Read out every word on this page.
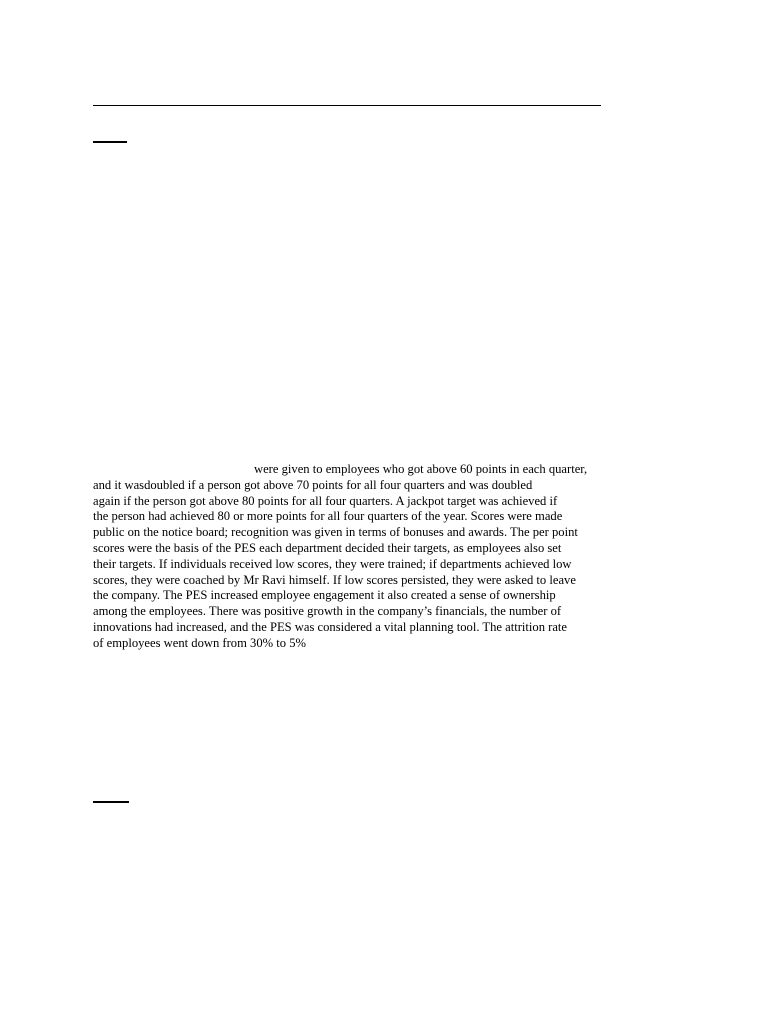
were given to employees who got above 60 points in each quarter,
and it wasdoubled if a person got above 70 points for all four quarters and was doubled
again if the person got above 80 points for all four quarters. A jackpot target was achieved if
the person had achieved 80 or more points for all four quarters of the year. Scores were made
public on the notice board; recognition was given in terms of bonuses and awards. The per point
scores were the basis of the PES each department decided their targets, as employees also set
their targets. If individuals received low scores, they were trained; if departments achieved low
scores, they were coached by Mr Ravi himself. If low scores persisted, they were asked to leave
the company. The PES increased employee engagement it also created a sense of ownership
among the employees. There was positive growth in the company’s financials, the number of
innovations had increased, and the PES was considered a vital planning tool. The attrition rate
of employees went down from 30% to 5%
